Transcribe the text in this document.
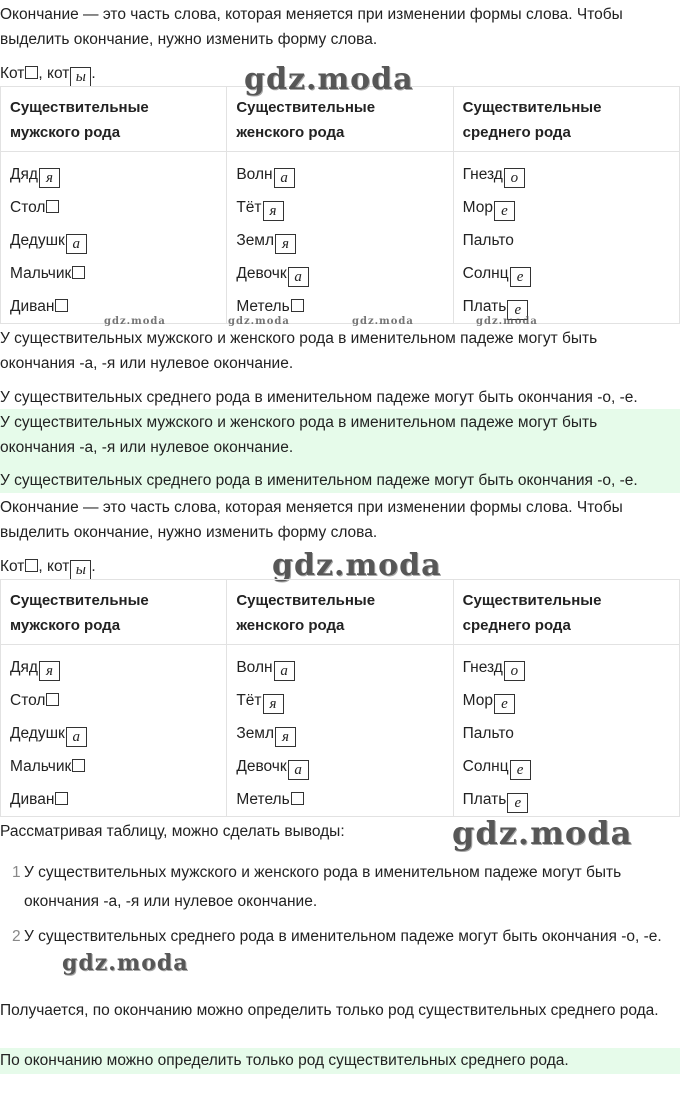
Окончание — это часть слова, которая меняется при изменении формы слова. Чтобы выделить окончание, нужно изменить форму слова.

Кот , кот ы .

Существительные мужского рода	Существительные женского рода	Существительные среднего рода
Дяд я	Волн а	Гнезд о
Стол	Тёт я	Мор е
Дедушк а	Земл я	Пальто
Мальчик	Девочк а	Солнц е
Диван	Метель	Плать е
gdz.moda
gdz.moda	gdz.moda	gdz.moda	gdz.moda

У существительных мужского и женского рода в именительном падеже могут быть окончания -а, -я или нулевое окончание.

У существительных среднего рода в именительном падеже могут быть окончания -о, -е.

У существительных мужского и женского рода в именительном падеже могут быть окончания -а, -я или нулевое окончание.

У существительных среднего рода в именительном падеже могут быть окончания -о, -е.

Окончание — это часть слова, которая меняется при изменении формы слова. Чтобы выделить окончание, нужно изменить форму слова.

Кот , кот ы .	gdz.moda
Существительные мужского рода	Существительные женского рода	Существительные среднего рода
Дяд я	Волн а	Гнезд о
Стол	Тёт я	Мор е
Дедушк а	Земл я	Пальто
Мальчик	Девочк а	Солнц е
Диван	Метель	Плать е

Рассматривая таблицу, можно сделать выводы:	gdz.moda
1 У существительных мужского и женского рода в именительном падеже могут быть окончания -а, -я или нулевое окончание.
2 У существительных среднего рода в именительном падеже могут быть окончания -о, -е.
gdz.moda

Получается, по окончанию можно определить только род существительных среднего рода.

По окончанию можно определить только род существительных среднего рода.
